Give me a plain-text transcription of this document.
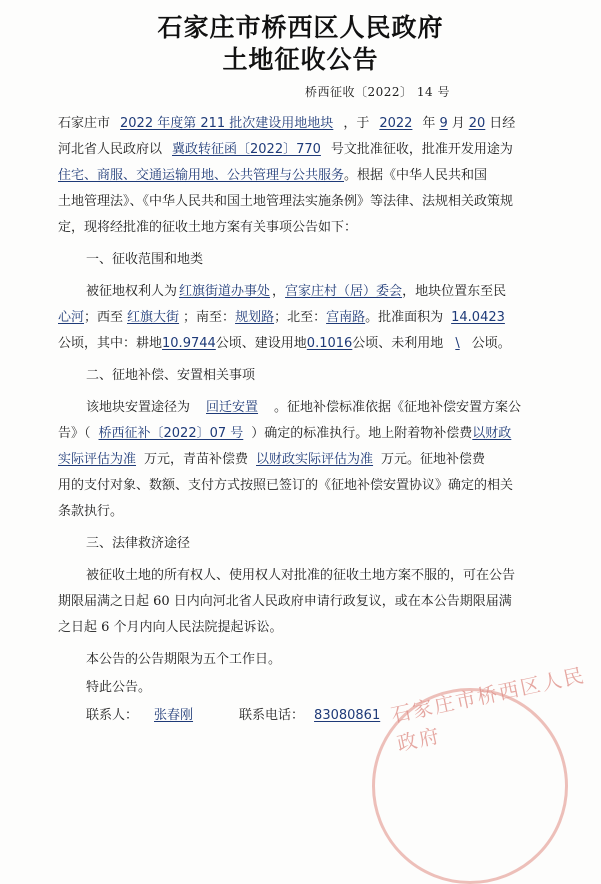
石家庄市桥西区人民政府
石家庄市桥西区人民政府
土地征收公告
桥西征收〔2022〕 14 号
石家庄市 2022 年度第 211 批次建设用地地块 ，于 2022 年 9 月 20 日经
河北省人民政府以 冀政转征函〔2022〕770 号文批准征收，批准开发用途为
住宅、商服、交通运输用地、公共管理与公共服务。根据《中华人民共和国
土地管理法》、《中华人民共和国土地管理法实施条例》等法律、法规相关政策规
定，现将经批准的征收土地方案有关事项公告如下：
一、征收范围和地类
被征地权利人为 红旗街道办事处 ，宫家庄村（居）委会，地块位置东至民
心河；西至 红旗大街 ；南至：规划路；北至：宫南路。批准面积为 14.0423
公顷，其中：耕地10.9744公顷、建设用地0.1016公顷、未利用地 \ 公顷。
二、征地补偿、安置相关事项
该地块安置途径为 回迁安置 。征地补偿标准依据《征地补偿安置方案公
告》（ 桥西征补〔2022〕07 号 ）确定的标准执行。地上附着物补偿费以财政
实际评估为准 万元，青苗补偿费 以财政实际评估为准 万元。征地补偿费
用的支付对象、数额、支付方式按照已签订的《征地补偿安置协议》确定的相关
条款执行。
三、法律救济途径
被征收土地的所有权人、使用权人对批准的征收土地方案不服的，可在公告
期限届满之日起 60 日内向河北省人民政府申请行政复议，或在本公告期限届满
之日起 6 个月内向人民法院提起诉讼。
本公告的公告期限为五个工作日。
特此公告。
联系人： 张春刚	联系电话： 83080861
